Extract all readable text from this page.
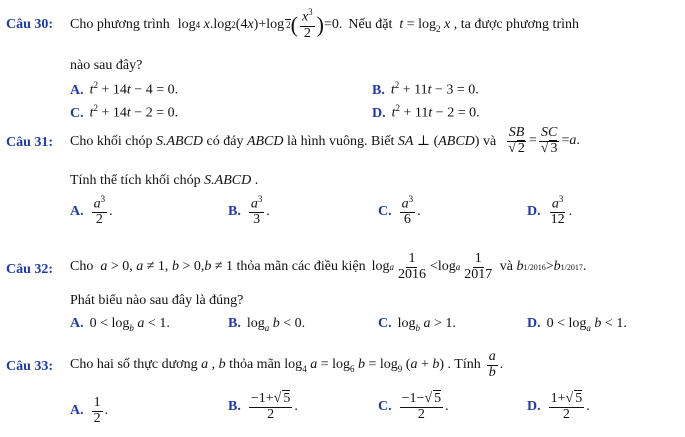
Câu 30: Cho phương trình log 4
x .log 2 (4 x )+log 2 ( $\frac{x^3}{2}$ ) =0. Nếu đặt  $t = \log_2 x$ , ta được phương trình
nào sau đây?
A. $t^2 + 14t - 4 = 0$.	B. $t^2 + 11t - 3 = 0$.
C. $t^2 + 14t - 2 = 0$.	D. $t^2 + 11t - 2 = 0$.
Câu 31: Cho khối chóp S.ABCD có đáy ABCD là hình vuông. Biết SA ⊥ (ABCD) và $\frac{SB}{√ 2} = \frac{SC}{√ 3} = a$ .
Tính thể tích khối chóp S.ABCD .
A. $\frac{a^3}{2}$ .	B. $\frac{a^3}{3}$ .	C. $\frac{a^3}{6}$ .	D. $\frac{a^3}{12}$ .
Câu 32: Cho  a > 0, a ≠ 1, b > 0,b ≠ 1 thỏa mãn các điều kiện log a $\frac{1}{2016} <\log$ a $\frac{1}{2017}$ và b 1/2016 > b 1/2017 .
Phát biểu nào sau đây là đúng?
A. $0 < \log_b a < 1$.	B. $\log_a b < 0$.	C. $\log_b a > 1$.	D. $0 < \log_a b < 1$.
Câu 33: Cho hai số thực dương a , b thỏa mãn $\log_4 a = \log_6 b = \log_9 (a + b)$ . Tính $\frac{a}{b}$ .
A. $\frac{1}{2}$ .	B. $\frac{-1+√ 5}{2}$ .	C. $\frac{-1-√ 5}{2}$ .	D. $\frac{1+√ 5}{2}$ .
